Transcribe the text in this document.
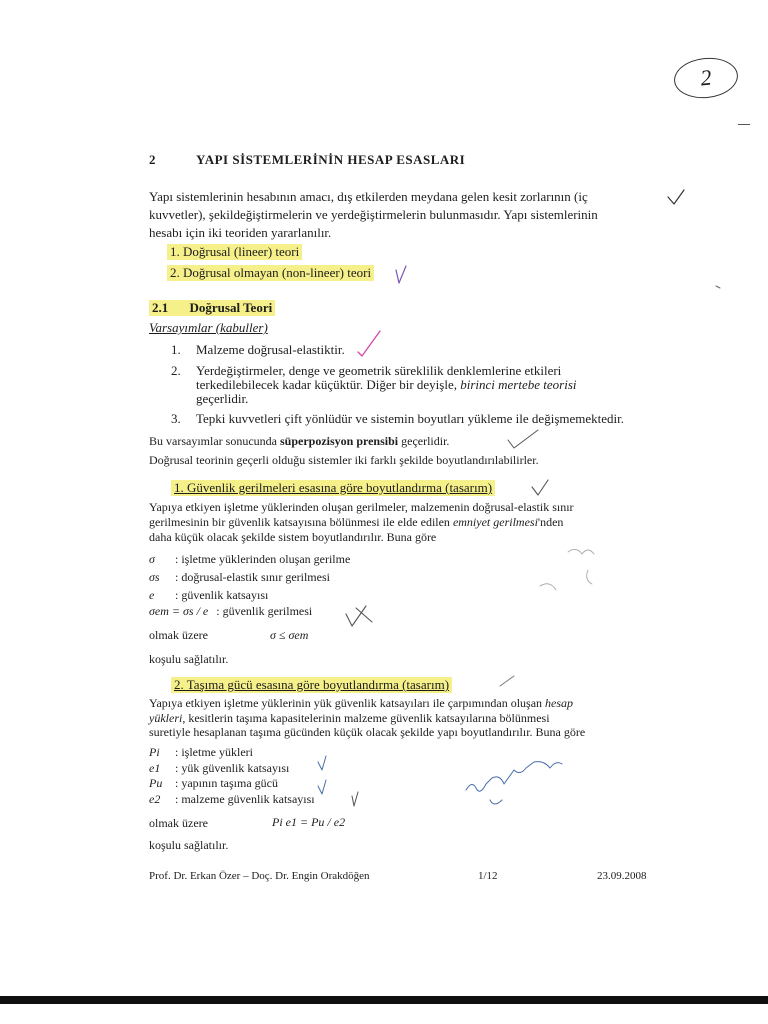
2
2	YAPI SİSTEMLERİNİN HESAP ESASLARI
Yapı sistemlerinin hesabının amacı, dış etkilerden meydana gelen kesit zorlarının (iç
kuvvetler), şekildeğiştirmelerin ve yerdeğiştirmelerin bulunmasıdır. Yapı sistemlerinin
hesabı için iki teoriden yararlanılır.
1. Doğrusal (lineer) teori
2. Doğrusal olmayan (non-lineer) teori
2.1 Doğrusal Teori
Varsayımlar (kabuller)
1. Malzeme doğrusal-elastiktir.
2. Yerdeğiştirmeler, denge ve geometrik süreklilik denklemlerine etkileri
terkedilebilecek kadar küçüktür. Diğer bir deyişle, birinci mertebe teorisi
geçerlidir.
3. Tepki kuvvetleri çift yönlüdür ve sistemin boyutları yükleme ile değişmemektedir.
Bu varsayımlar sonucunda süperpozisyon prensibi geçerlidir.
Doğrusal teorinin geçerli olduğu sistemler iki farklı şekilde boyutlandırılabilirler.
1. Güvenlik gerilmeleri esasına göre boyutlandırma (tasarım)
Yapıya etkiyen işletme yüklerinden oluşan gerilmeler, malzemenin doğrusal-elastik sınır
gerilmesinin bir güvenlik katsayısına bölünmesi ile elde edilen emniyet gerilmesi'nden
daha küçük olacak şekilde sistem boyutlandırılır. Buna göre
σ : işletme yüklerinden oluşan gerilme
σs : doğrusal-elastik sınır gerilmesi
e : güvenlik katsayısı
σem = σs / e : güvenlik gerilmesi
olmak üzere	σ ≤ σem
koşulu sağlatılır.
2. Taşıma gücü esasına göre boyutlandırma (tasarım)
Yapıya etkiyen işletme yüklerinin yük güvenlik katsayıları ile çarpımından oluşan hesap
yükleri, kesitlerin taşıma kapasitelerinin malzeme güvenlik katsayılarına bölünmesi
suretiyle hesaplanan taşıma gücünden küçük olacak şekilde yapı boyutlandırılır. Buna göre
Pi : işletme yükleri
e1 : yük güvenlik katsayısı
Pu : yapının taşıma gücü
e2 : malzeme güvenlik katsayısı
olmak üzere	Pi e1 = Pu / e2
koşulu sağlatılır.
Prof. Dr. Erkan Özer – Doç. Dr. Engin Orakdöğen	1/12	23.09.2008
